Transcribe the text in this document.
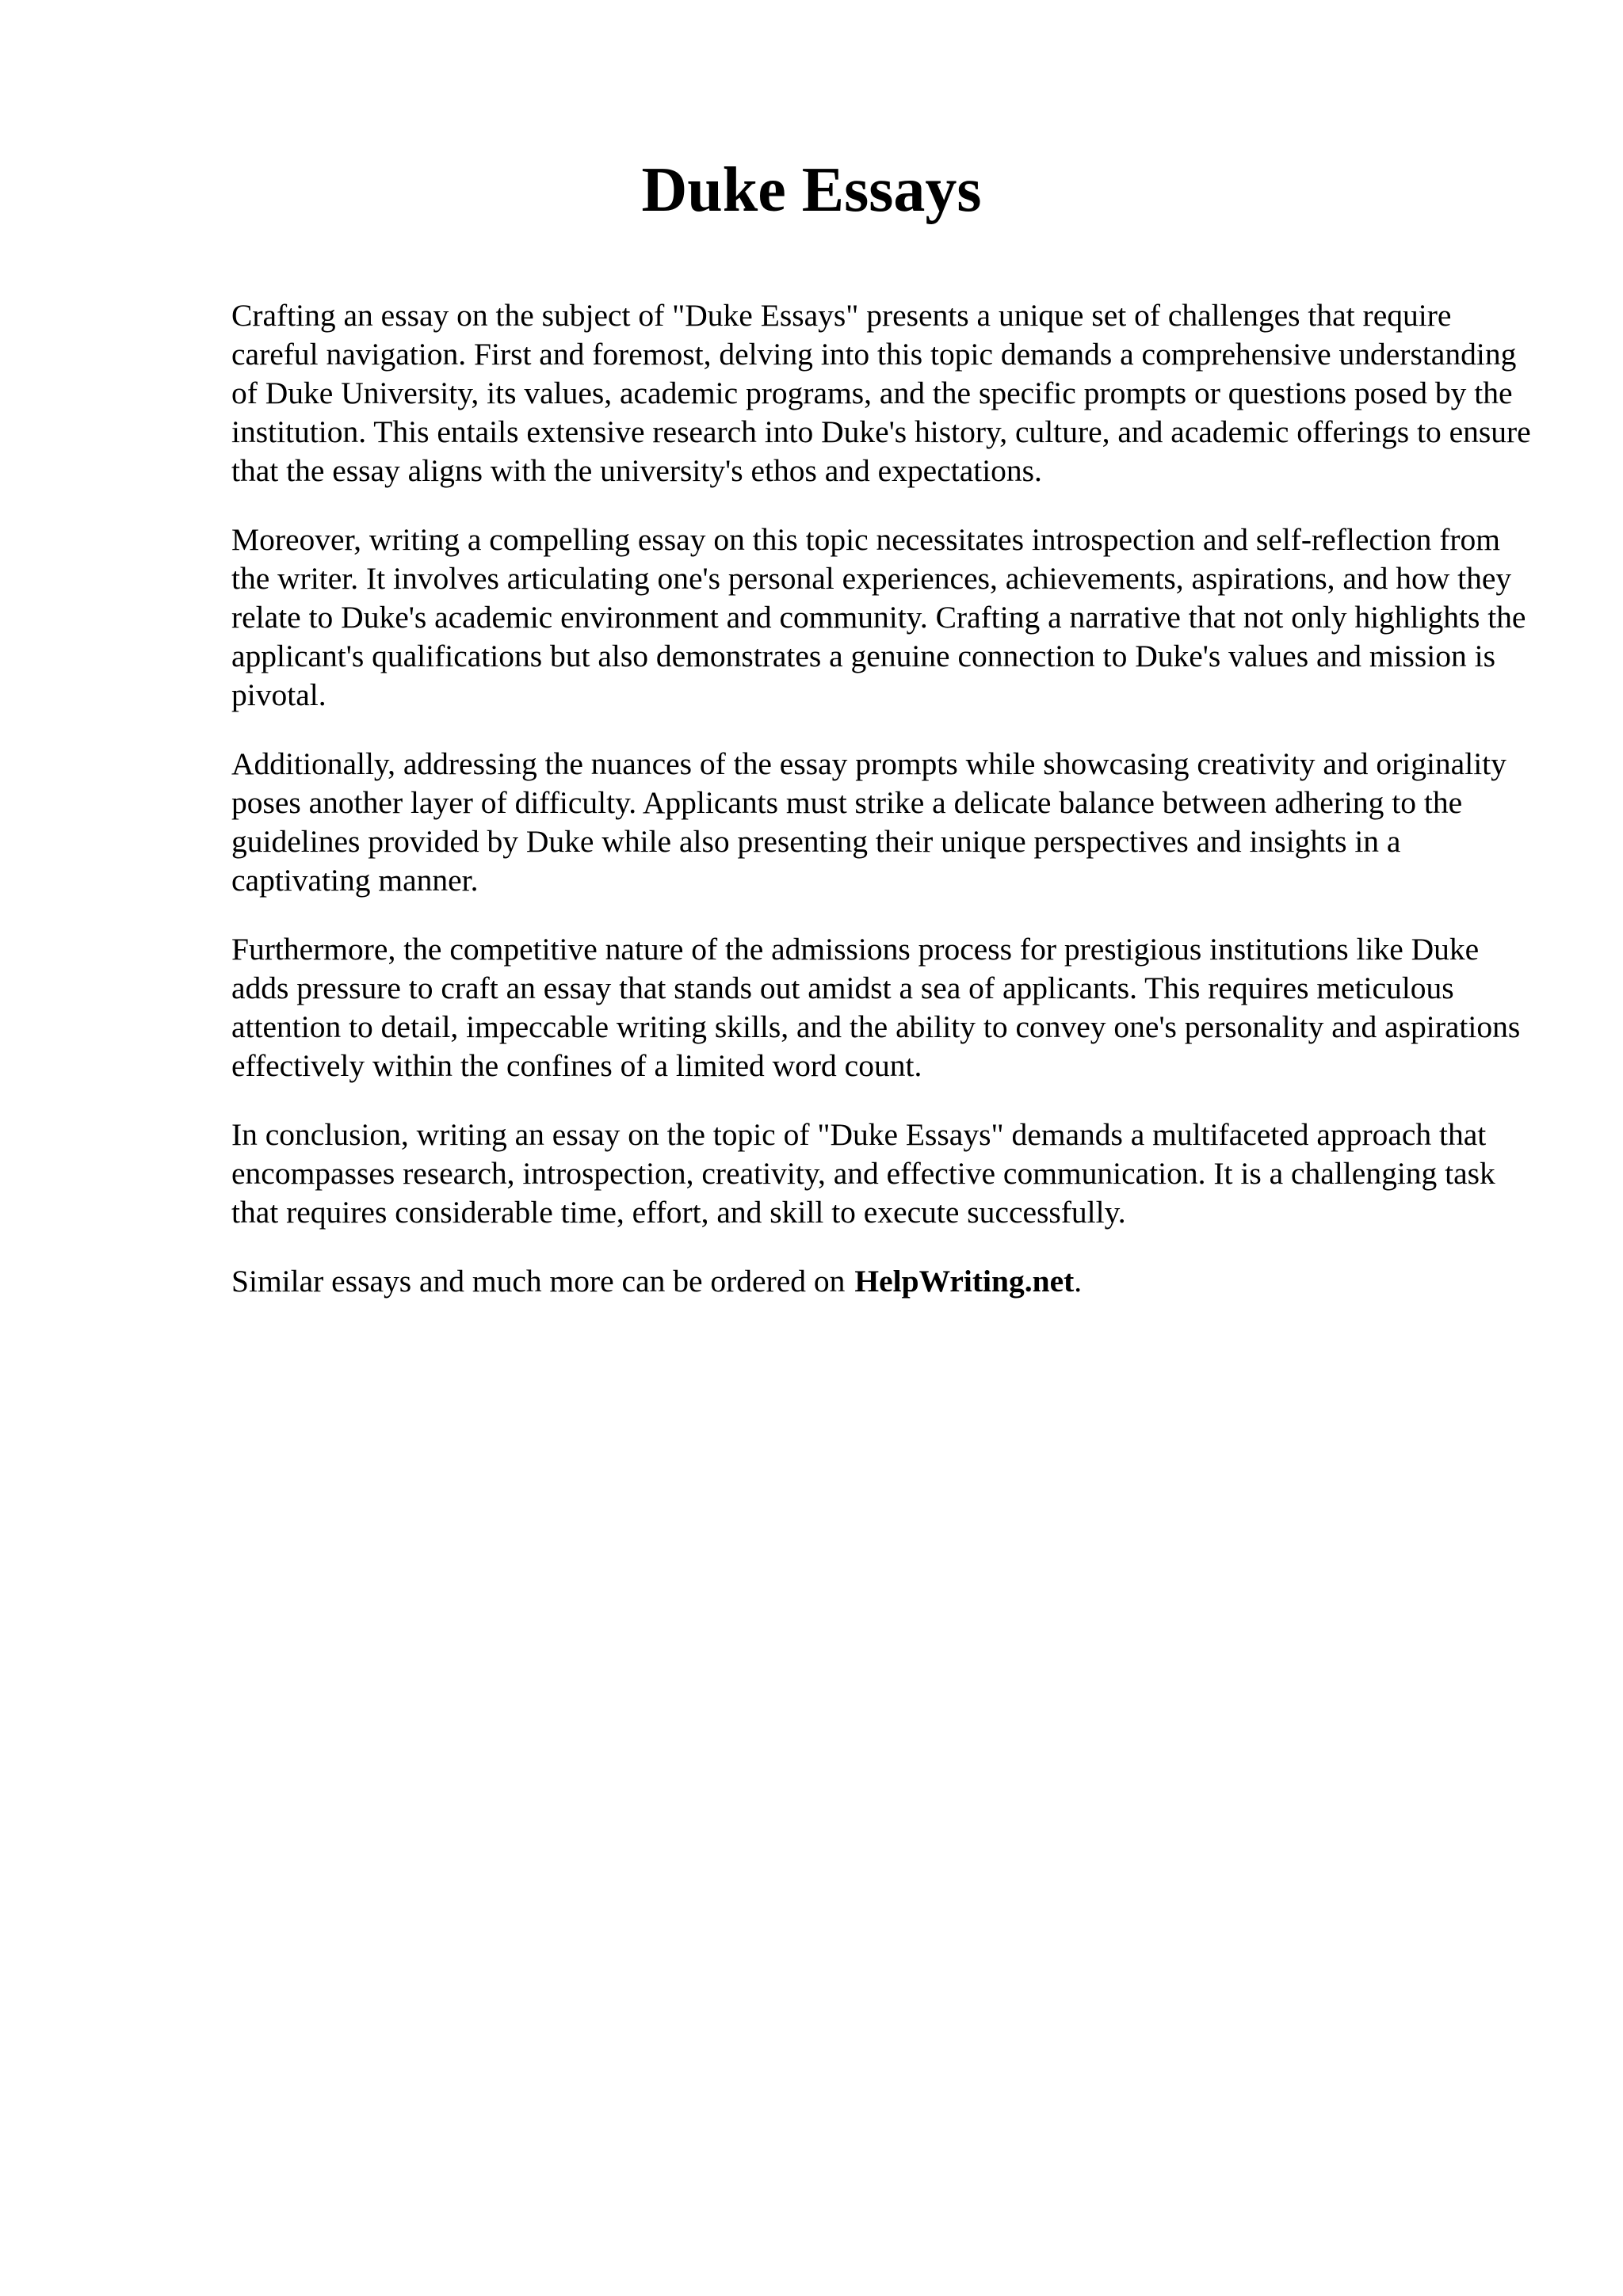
Duke Essays

Crafting an essay on the subject of "Duke Essays" presents a unique set of challenges that require careful navigation. First and foremost, delving into this topic demands a comprehensive understanding of Duke University, its values, academic programs, and the specific prompts or questions posed by the institution. This entails extensive research into Duke's history, culture, and academic offerings to ensure that the essay aligns with the university's ethos and expectations.

Moreover, writing a compelling essay on this topic necessitates introspection and self-reflection from the writer. It involves articulating one's personal experiences, achievements, aspirations, and how they relate to Duke's academic environment and community. Crafting a narrative that not only highlights the applicant's qualifications but also demonstrates a genuine connection to Duke's values and mission is pivotal.

Additionally, addressing the nuances of the essay prompts while showcasing creativity and originality poses another layer of difficulty. Applicants must strike a delicate balance between adhering to the guidelines provided by Duke while also presenting their unique perspectives and insights in a captivating manner.

Furthermore, the competitive nature of the admissions process for prestigious institutions like Duke adds pressure to craft an essay that stands out amidst a sea of applicants. This requires meticulous attention to detail, impeccable writing skills, and the ability to convey one's personality and aspirations effectively within the confines of a limited word count.

In conclusion, writing an essay on the topic of "Duke Essays" demands a multifaceted approach that encompasses research, introspection, creativity, and effective communication. It is a challenging task that requires considerable time, effort, and skill to execute successfully.

Similar essays and much more can be ordered on HelpWriting.net.
